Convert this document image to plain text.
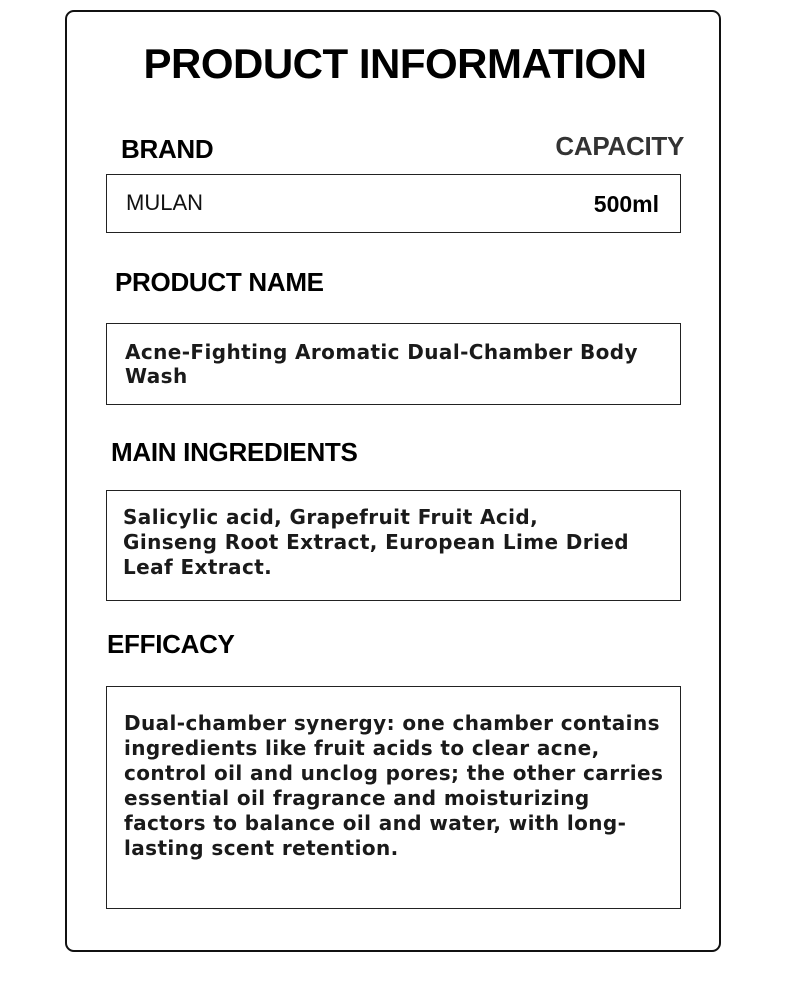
PRODUCT INFORMATION
BRAND	CAPACITY
MULAN	500ml
PRODUCT NAME
Acne-Fighting Aromatic Dual-Chamber Body Wash
MAIN INGREDIENTS
Salicylic acid, Grapefruit Fruit Acid, Ginseng Root Extract, European Lime Dried Leaf Extract.
EFFICACY
Dual-chamber synergy: one chamber contains ingredients like fruit acids to clear acne, control oil and unclog pores; the other carries essential oil fragrance and moisturizing factors to balance oil and water, with long-lasting scent retention.
